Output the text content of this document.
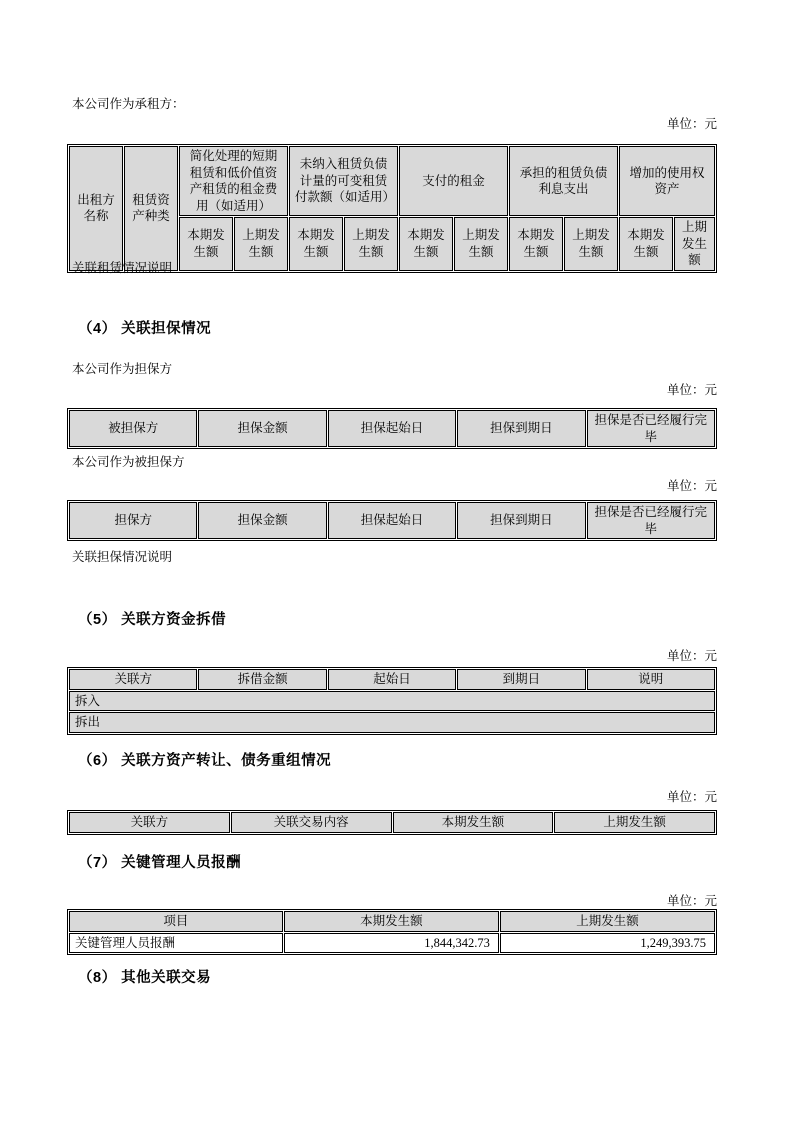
本公司作为承租方：
单位：元
出租方名称	租赁资产种类	简化处理的短期租赁和低价值资产租赁的租金费用（如适用）		未纳入租赁负债计量的可变租赁付款额（如适用）		支付的租金		承担的租赁负债利息支出		增加的使用权资产	
		本期发生额	上期发生额	本期发生额	上期发生额	本期发生额	上期发生额	本期发生额	上期发生额	本期发生额	上期发生额
关联租赁情况说明
（4） 关联担保情况
本公司作为担保方
单位：元
被担保方	担保金额	担保起始日	担保到期日	担保是否已经履行完毕
本公司作为被担保方
单位：元
担保方	担保金额	担保起始日	担保到期日	担保是否已经履行完毕
关联担保情况说明
（5） 关联方资金拆借
单位：元
关联方	拆借金额	起始日	到期日	说明
拆入
拆出
（6） 关联方资产转让、债务重组情况
单位：元
关联方	关联交易内容	本期发生额	上期发生额
（7） 关键管理人员报酬
单位：元
项目	本期发生额	上期发生额
关键管理人员报酬	1,844,342.73	1,249,393.75
（8） 其他关联交易
